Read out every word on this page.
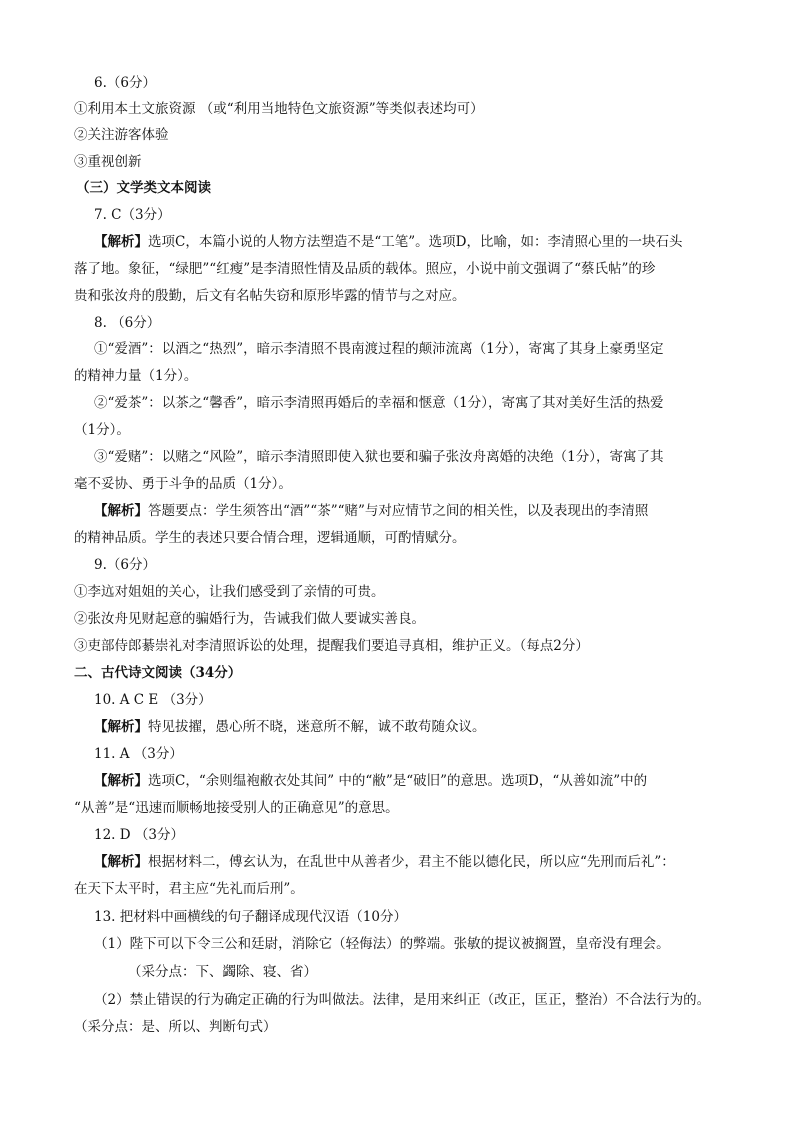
6.（6分）
①利用本土文旅资源 （或“利用当地特色文旅资源”等类似表述均可）
②关注游客体验
③重视创新
（三）文学类文本阅读
7. C（3分）
【解析】选项C，本篇小说的人物方法塑造不是“工笔”。选项D，比喻，如：李清照心里的一块石头
落了地。象征，“绿肥”“红瘦”是李清照性情及品质的载体。照应，小说中前文强调了“蔡氏帖”的珍
贵和张汝舟的殷勤，后文有名帖失窃和原形毕露的情节与之对应。
8. （6分）
①“爱酒”：以酒之“热烈”，暗示李清照不畏南渡过程的颠沛流离（1分），寄寓了其身上豪勇坚定
的精神力量（1分）。
②“爱茶”：以茶之“馨香”，暗示李清照再婚后的幸福和惬意（1分），寄寓了其对美好生活的热爱
（1分）。
③“爱赌”：以赌之“风险”，暗示李清照即使入狱也要和骗子张汝舟离婚的决绝（1分），寄寓了其
毫不妥协、勇于斗争的品质（1分）。
【解析】答题要点：学生须答出“酒”“茶”“赌”与对应情节之间的相关性，以及表现出的李清照
的精神品质。学生的表述只要合情合理，逻辑通顺，可酌情赋分。
9.（6分）
①李迒对姐姐的关心，让我们感受到了亲情的可贵。
②张汝舟见财起意的骗婚行为，告诫我们做人要诚实善良。
③吏部侍郎綦崇礼对李清照诉讼的处理，提醒我们要追寻真相，维护正义。（每点2分）
二、古代诗文阅读（34分）
10. A C E （3分）
【解析】特见拔擢，愚心所不晓，迷意所不解，诚不敢苟随众议。
11. A （3分）
【解析】选项C，“余则缊袍敝衣处其间” 中的“敝”是“破旧”的意思。选项D，“从善如流”中的
“从善”是“迅速而顺畅地接受别人的正确意见”的意思。
12. D （3分）
【解析】根据材料二，傅玄认为，在乱世中从善者少，君主不能以德化民，所以应“先刑而后礼”：
在天下太平时，君主应“先礼而后刑”。
13. 把材料中画横线的句子翻译成现代汉语（10分）
（1）陛下可以下令三公和廷尉，消除它（轻侮法）的弊端。张敏的提议被搁置，皇帝没有理会。
（采分点：下、蠲除、寝、省）
（2）禁止错误的行为确定正确的行为叫做法。法律，是用来纠正（改正，匡正，整治）不合法行为的。
（采分点：是、所以、判断句式）
